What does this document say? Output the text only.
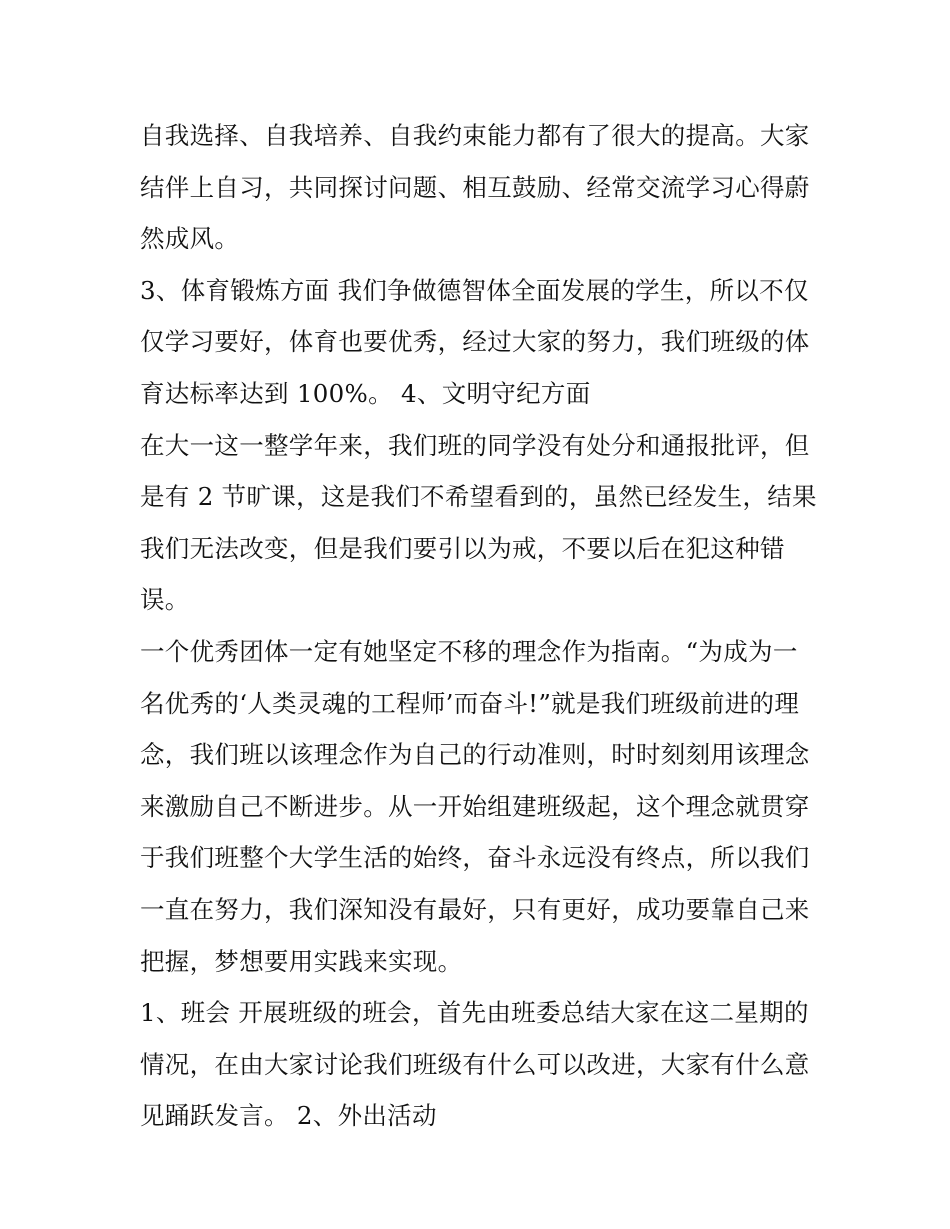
自我选择、自我培养、自我约束能力都有了很大的提高。大家
结伴上自习，共同探讨问题、相互鼓励、经常交流学习心得蔚
然成风。

3、体育锻炼方面 我们争做德智体全面发展的学生，所以不仅
仅学习要好，体育也要优秀，经过大家的努力，我们班级的体
育达标率达到 100%。 4、文明守纪方面

在大一这一整学年来，我们班的同学没有处分和通报批评，但
是有 2 节旷课，这是我们不希望看到的，虽然已经发生，结果
我们无法改变，但是我们要引以为戒，不要以后在犯这种错
误。

一个优秀团体一定有她坚定不移的理念作为指南。“为成为一
名优秀的‘人类灵魂的工程师’而奋斗!”就是我们班级前进的理
念，我们班以该理念作为自己的行动准则，时时刻刻用该理念
来激励自己不断进步。从一开始组建班级起，这个理念就贯穿
于我们班整个大学生活的始终，奋斗永远没有终点，所以我们
一直在努力，我们深知没有最好，只有更好，成功要靠自己来
把握，梦想要用实践来实现。

1、班会 开展班级的班会，首先由班委总结大家在这二星期的
情况，在由大家讨论我们班级有什么可以改进，大家有什么意
见踊跃发言。 2、外出活动
